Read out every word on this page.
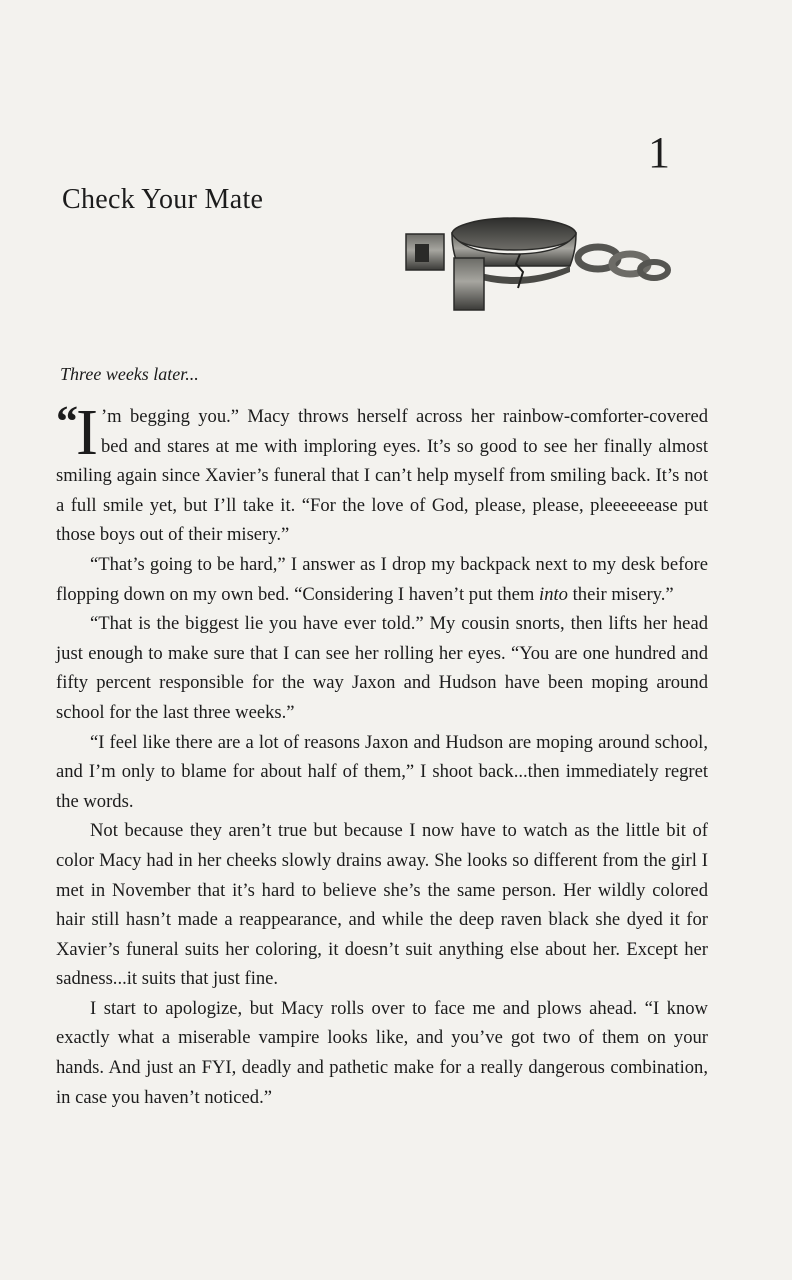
1
Check Your Mate
Three weeks later...

“ I ’m begging you.” Macy throws herself across her rainbow-comforter-covered bed and stares at me with imploring eyes. It’s so good to see her finally almost smiling again since Xavier’s funeral that I can’t help myself from smiling back. It’s not a full smile yet, but I’ll take it. “For the love of God, please, please, pleeeeeease put those boys out of their misery.”

“That’s going to be hard,” I answer as I drop my backpack next to my desk before flopping down on my own bed. “Considering I haven’t put them into their misery.”

“That is the biggest lie you have ever told.” My cousin snorts, then lifts her head just enough to make sure that I can see her rolling her eyes. “You are one hundred and fifty percent responsible for the way Jaxon and Hudson have been moping around school for the last three weeks.”

“I feel like there are a lot of reasons Jaxon and Hudson are moping around school, and I’m only to blame for about half of them,” I shoot back...then immediately regret the words.

Not because they aren’t true but because I now have to watch as the little bit of color Macy had in her cheeks slowly drains away. She looks so different from the girl I met in November that it’s hard to believe she’s the same person. Her wildly colored hair still hasn’t made a reappearance, and while the deep raven black she dyed it for Xavier’s funeral suits her coloring, it doesn’t suit anything else about her. Except her sadness...it suits that just fine.

I start to apologize, but Macy rolls over to face me and plows ahead. “I know exactly what a miserable vampire looks like, and you’ve got two of them on your hands. And just an FYI, deadly and pathetic make for a really dangerous combination, in case you haven’t noticed.”
